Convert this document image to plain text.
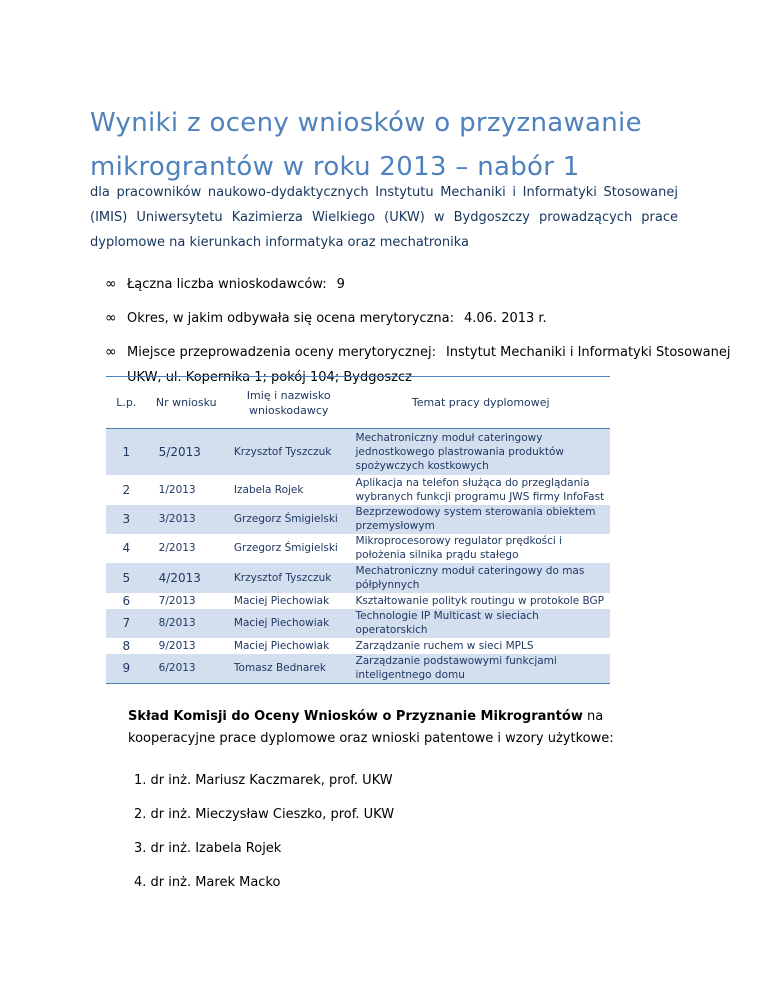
Wyniki z oceny wniosków o przyznawanie
mikrograntów w roku 2013 – nabór 1
dla pracowników naukowo-dydaktycznych Instytutu Mechaniki i Informatyki Stosowanej (IMIS) Uniwersytetu Kazimierza Wielkiego (UKW) w Bydgoszczy prowadzących prace dyplomowe na kierunkach informatyka oraz mechatronika
∞ Łączna liczba wnioskodawców: 9
∞ Okres, w jakim odbywała się ocena merytoryczna: 4.06. 2013 r.
∞ Miejsce przeprowadzenia oceny merytorycznej: Instytut Mechaniki i Informatyki Stosowanej UKW, ul. Kopernika 1; pokój 104; Bydgoszcz
L.p.	Nr wniosku	Imię i nazwisko wnioskodawcy	Temat pracy dyplomowej
1	5/2013	Krzysztof Tyszczuk	Mechatroniczny moduł cateringowy jednostkowego plastrowania produktów spożywczych kostkowych
2	1/2013	Izabela Rojek	Aplikacja na telefon służąca do przeglądania wybranych funkcji programu JWS firmy InfoFast
3	3/2013	Grzegorz Śmigielski	Bezprzewodowy system sterowania obiektem przemysłowym
4	2/2013	Grzegorz Śmigielski	Mikroprocesorowy regulator prędkości i położenia silnika prądu stałego
5	4/2013	Krzysztof Tyszczuk	Mechatroniczny moduł cateringowy do mas półpłynnych
6	7/2013	Maciej Piechowiak	Kształtowanie polityk routingu w protokole BGP
7	8/2013	Maciej Piechowiak	Technologie IP Multicast w sieciach operatorskich
8	9/2013	Maciej Piechowiak	Zarządzanie ruchem w sieci MPLS
9	6/2013	Tomasz Bednarek	Zarządzanie podstawowymi funkcjami inteligentnego domu
Skład Komisji do Oceny Wniosków o Przyznanie Mikrograntów na kooperacyjne prace dyplomowe oraz wnioski patentowe i wzory użytkowe:
1. dr inż. Mariusz Kaczmarek, prof. UKW
2. dr inż. Mieczysław Cieszko, prof. UKW
3. dr inż. Izabela Rojek
4. dr inż. Marek Macko
